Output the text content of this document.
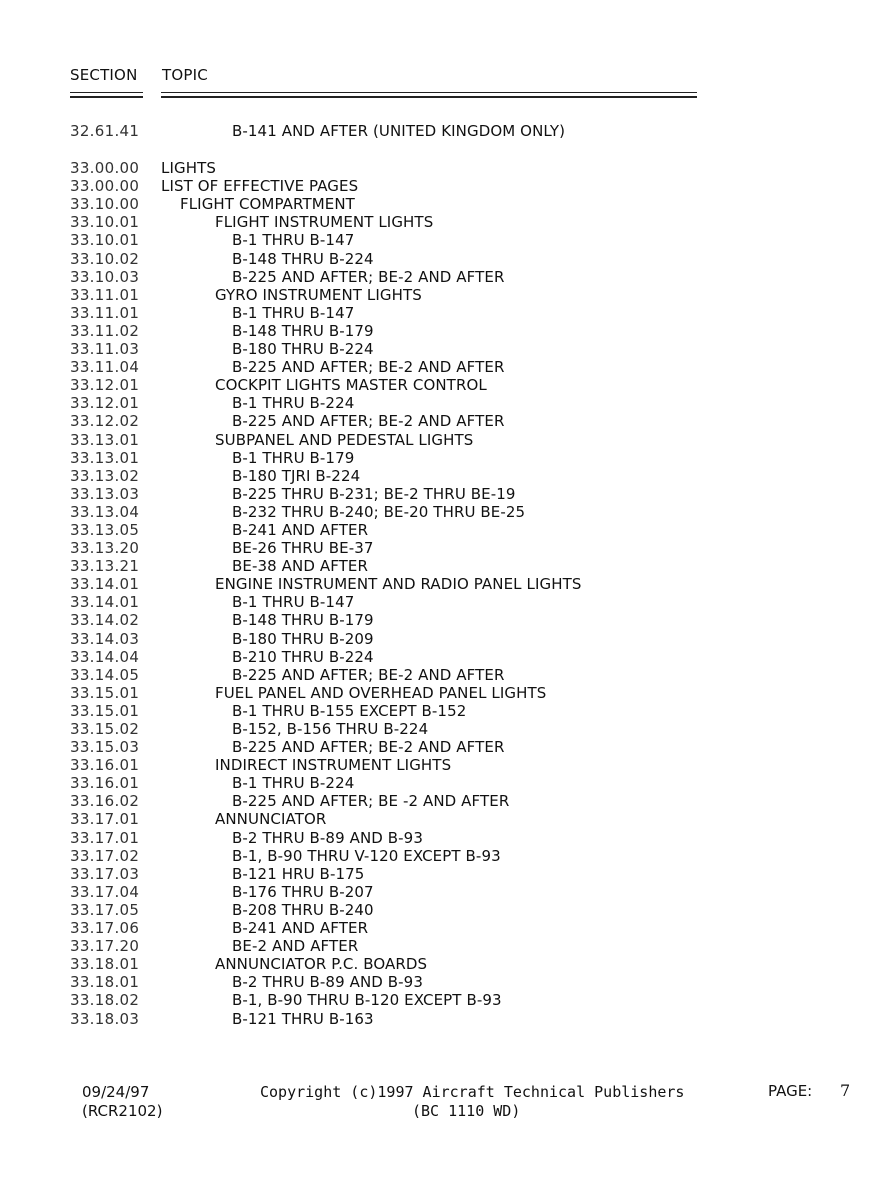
SECTION TOPIC
32.61.41	B-141 AND AFTER (UNITED KINGDOM ONLY)
33.00.00 LIGHTS
33.00.00 LIST OF EFFECTIVE PAGES
33.10.00	FLIGHT COMPARTMENT
33.10.01	FLIGHT INSTRUMENT LIGHTS
33.10.01	B-1 THRU B-147
33.10.02	B-148 THRU B-224
33.10.03	B-225 AND AFTER; BE-2 AND AFTER
33.11.01	GYRO INSTRUMENT LIGHTS
33.11.01	B-1 THRU B-147
33.11.02	B-148 THRU B-179
33.11.03	B-180 THRU B-224
33.11.04	B-225 AND AFTER; BE-2 AND AFTER
33.12.01	COCKPIT LIGHTS MASTER CONTROL
33.12.01	B-1 THRU B-224
33.12.02	B-225 AND AFTER; BE-2 AND AFTER
33.13.01	SUBPANEL AND PEDESTAL LIGHTS
33.13.01	B-1 THRU B-179
33.13.02	B-180 TJRI B-224
33.13.03	B-225 THRU B-231; BE-2 THRU BE-19
33.13.04	B-232 THRU B-240; BE-20 THRU BE-25
33.13.05	B-241 AND AFTER
33.13.20	BE-26 THRU BE-37
33.13.21	BE-38 AND AFTER
33.14.01	ENGINE INSTRUMENT AND RADIO PANEL LIGHTS
33.14.01	B-1 THRU B-147
33.14.02	B-148 THRU B-179
33.14.03	B-180 THRU B-209
33.14.04	B-210 THRU B-224
33.14.05	B-225 AND AFTER; BE-2 AND AFTER
33.15.01	FUEL PANEL AND OVERHEAD PANEL LIGHTS
33.15.01	B-1 THRU B-155 EXCEPT B-152
33.15.02	B-152, B-156 THRU B-224
33.15.03	B-225 AND AFTER; BE-2 AND AFTER
33.16.01	INDIRECT INSTRUMENT LIGHTS
33.16.01	B-1 THRU B-224
33.16.02	B-225 AND AFTER; BE -2 AND AFTER
33.17.01	ANNUNCIATOR
33.17.01	B-2 THRU B-89 AND B-93
33.17.02	B-1, B-90 THRU V-120 EXCEPT B-93
33.17.03	B-121 HRU B-175
33.17.04	B-176 THRU B-207
33.17.05	B-208 THRU B-240
33.17.06	B-241 AND AFTER
33.17.20	BE-2 AND AFTER
33.18.01	ANNUNCIATOR P.C. BOARDS
33.18.01	B-2 THRU B-89 AND B-93
33.18.02	B-1, B-90 THRU B-120 EXCEPT B-93
33.18.03	B-121 THRU B-163
09/24/97
(RCR2102)
Copyright (c)1997 Aircraft Technical Publishers
(BC 1110 WD)
PAGE: 7
